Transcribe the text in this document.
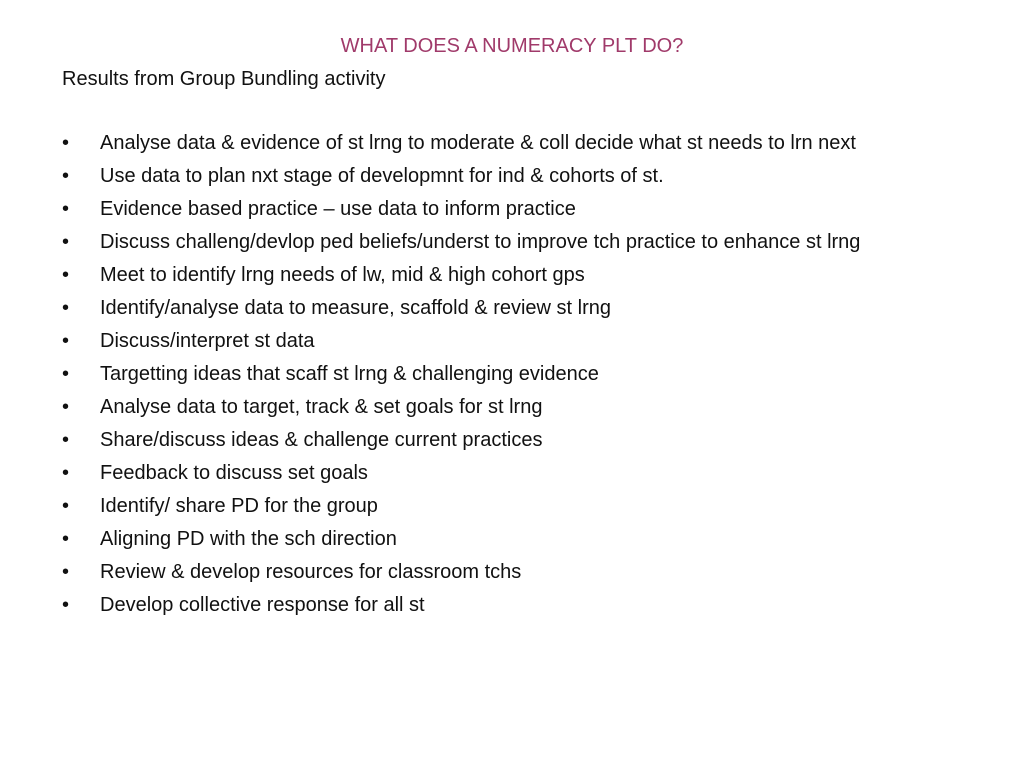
WHAT DOES A NUMERACY PLT DO?
Results from Group Bundling activity
•	Analyse data & evidence of st lrng to moderate & coll decide what st needs to lrn next
•	Use data to plan nxt stage of developmnt for ind & cohorts of st.
•	Evidence based practice – use data to inform practice
•	Discuss challeng/devlop ped beliefs/underst to improve tch practice to enhance st lrng
•	Meet to identify lrng needs of lw, mid & high cohort gps
•	Identify/analyse data to measure, scaffold & review st lrng
•	Discuss/interpret st data
•	Targetting ideas that scaff st lrng & challenging evidence
•	Analyse data to target, track & set goals for st lrng
•	Share/discuss ideas & challenge current practices
•	Feedback to discuss set goals
•	Identify/ share PD for the group
•	Aligning PD with the sch direction
•	Review & develop resources for classroom tchs
•	Develop collective response for all st
